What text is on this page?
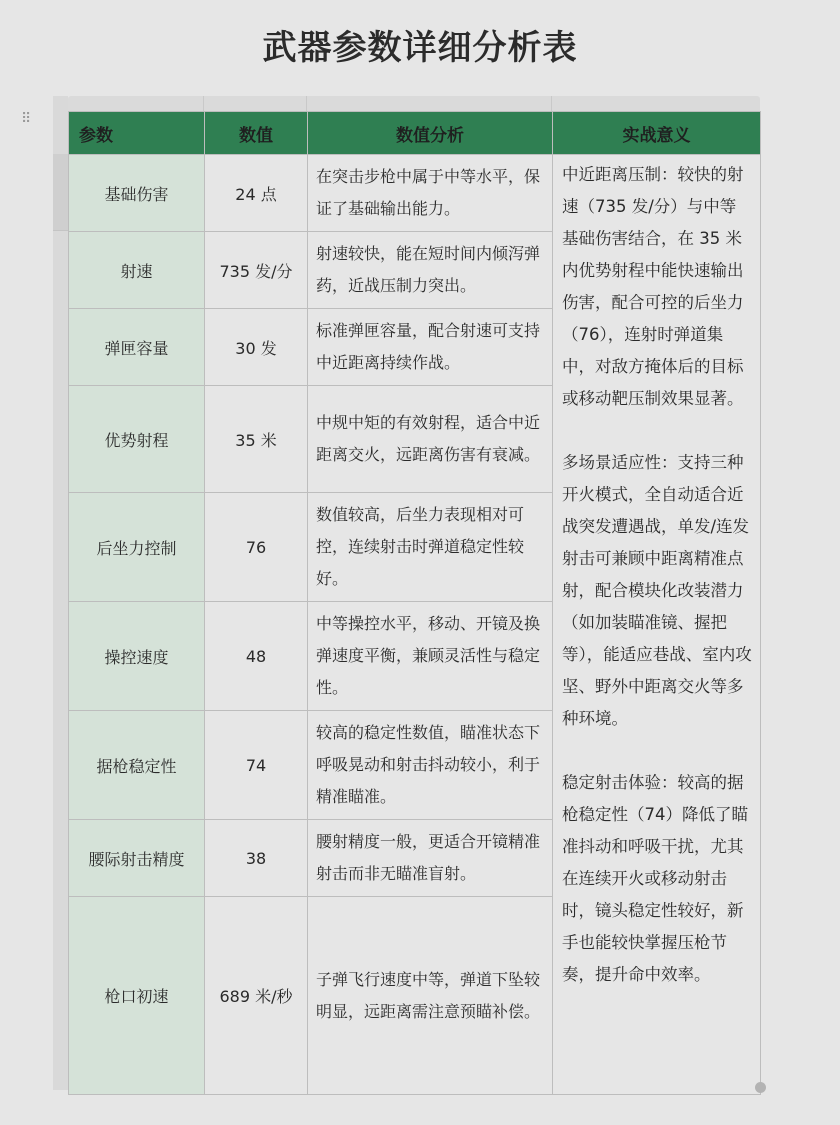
武器参数详细分析表
⠿
参数	数值	数值分析	实战意义
基础伤害	24 点	在突击步枪中属于中等水平，保证了基础输出能力。	中近距离压制：较快的射速（735 发/分）与中等基础伤害结合，在 35 米内优势射程中能快速输出伤害，配合可控的后坐力（76），连射时弹道集中，对敌方掩体后的目标或移动靶压制效果显著。
多场景适应性：支持三种开火模式，全自动适合近战突发遭遇战，单发/连发射击可兼顾中距离精准点射，配合模块化改装潜力（如加装瞄准镜、握把等），能适应巷战、室内攻坚、野外中距离交火等多种环境。
稳定射击体验：较高的据枪稳定性（74）降低了瞄准抖动和呼吸干扰，尤其在连续开火或移动射击时，镜头稳定性较好，新手也能较快掌握压枪节奏，提升命中效率。

射速	735 发/分	射速较快，能在短时间内倾泻弹药，近战压制力突出。	
弹匣容量	30 发	标准弹匣容量，配合射速可支持中近距离持续作战。	
优势射程	35 米	中规中矩的有效射程，适合中近距离交火，远距离伤害有衰减。	
后坐力控制	76	数值较高，后坐力表现相对可控，连续射击时弹道稳定性较好。	
操控速度	48	中等操控水平，移动、开镜及换弹速度平衡，兼顾灵活性与稳定性。	
据枪稳定性	74	较高的稳定性数值，瞄准状态下呼吸晃动和射击抖动较小，利于精准瞄准。	
腰际射击精度	38	腰射精度一般，更适合开镜精准射击而非无瞄准盲射。	
枪口初速	689 米/秒	子弹飞行速度中等，弹道下坠较明显，远距离需注意预瞄补偿。	
